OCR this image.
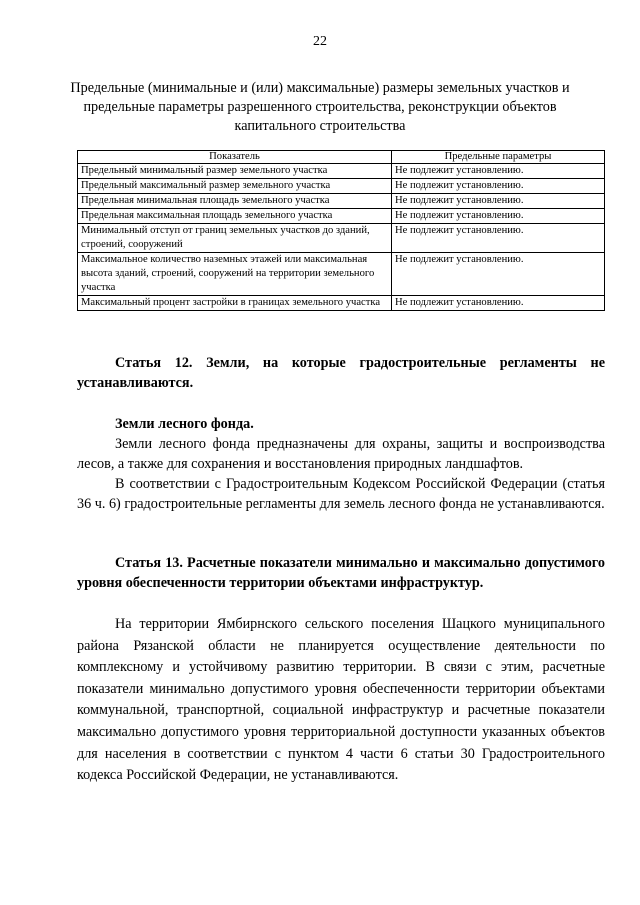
22
Предельные (минимальные и (или) максимальные) размеры земельных участков и предельные параметры разрешенного строительства, реконструкции объектов капитального строительства
Показатель	Предельные параметры
Предельный минимальный размер земельного участка	Не подлежит установлению.
Предельный максимальный размер земельного участка	Не подлежит установлению.
Предельная минимальная площадь земельного участка	Не подлежит установлению.
Предельная максимальная площадь земельного участка	Не подлежит установлению.
Минимальный отступ от границ земельных участков до зданий, строений, сооружений	Не подлежит установлению.
Максимальное количество наземных этажей или максимальная высота зданий, строений, сооружений на территории земельного участка	Не подлежит установлению.
Максимальный процент застройки в границах земельного участка	Не подлежит установлению.

Статья 12. Земли, на которые градостроительные регламенты не устанавливаются.

Земли лесного фонда.

Земли лесного фонда предназначены для охраны, защиты и воспроизводства лесов, а также для сохранения и восстановления природных ландшафтов.

В соответствии с Градостроительным Кодексом Российской Федерации (статья 36 ч. 6) градостроительные регламенты для земель лесного фонда не устанавливаются.

Статья 13. Расчетные показатели минимально и максимально допустимого уровня обеспеченности территории объектами инфраструктур.

На территории Ямбирнского сельского поселения Шацкого муниципального района Рязанской области не планируется осуществление деятельности по комплексному и устойчивому развитию территории. В связи с этим, расчетные показатели минимально допустимого уровня обеспеченности территории объектами коммунальной, транспортной, социальной инфраструктур и расчетные показатели максимально допустимого уровня территориальной доступности указанных объектов для населения в соответствии с пунктом 4 части 6 статьи 30 Градостроительного кодекса Российской Федерации, не устанавливаются.
